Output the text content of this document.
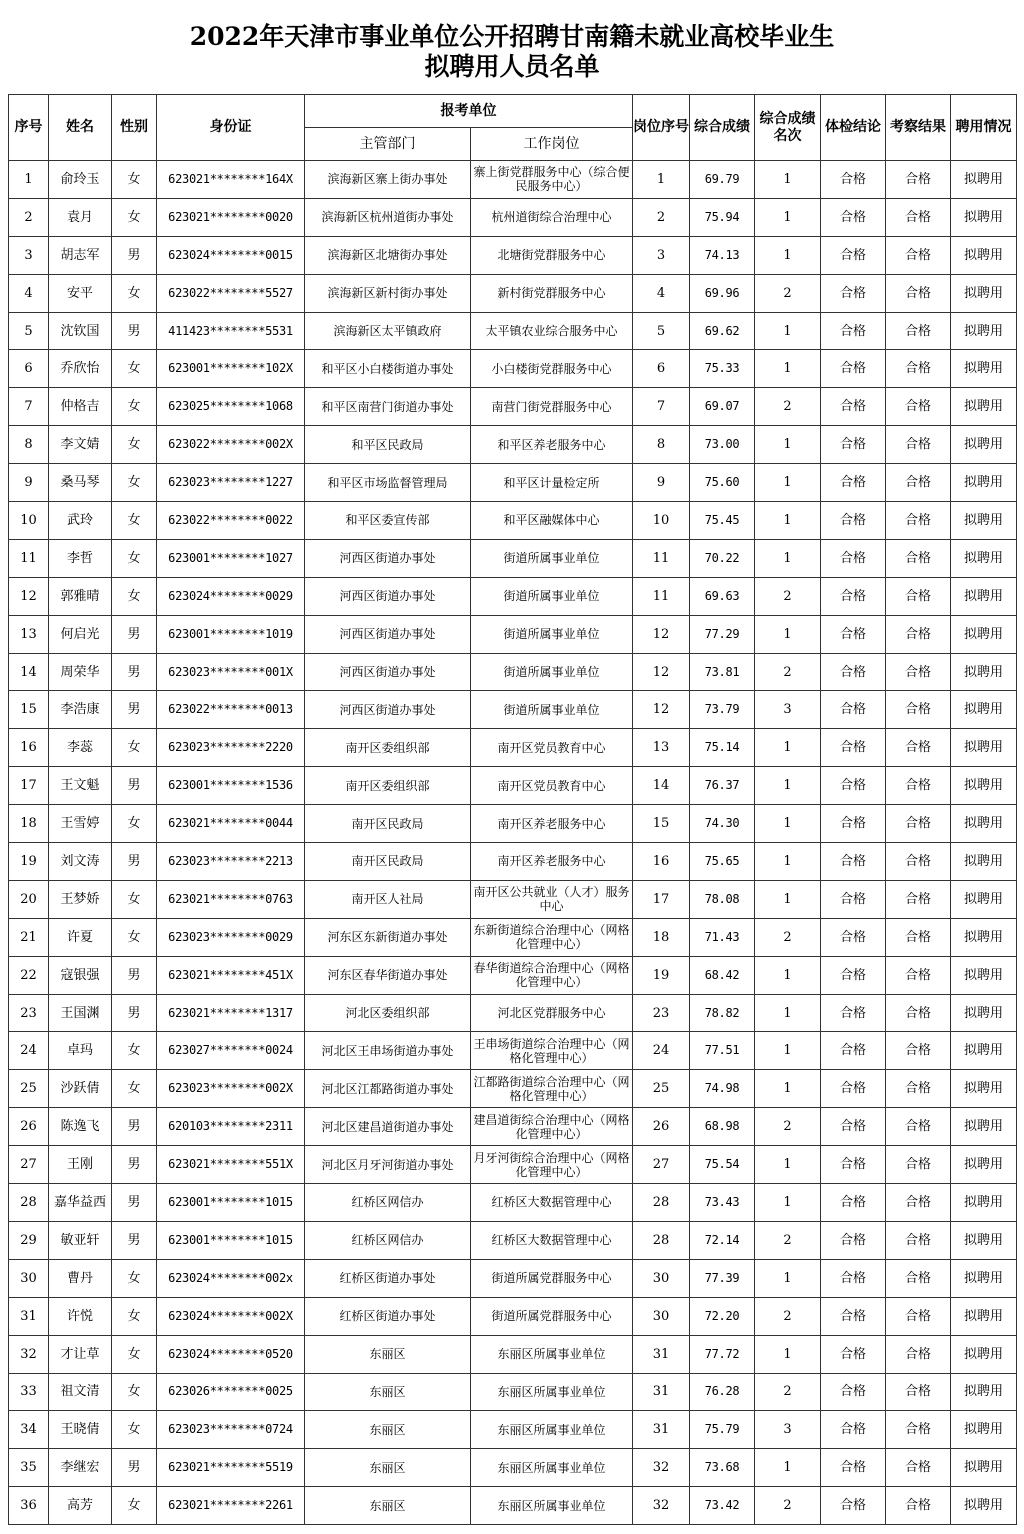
2022年天津市事业单位公开招聘甘南籍未就业高校毕业生
拟聘用人员名单
序号	姓名	性别	身份证	报考单位		岗位序号	综合成绩	综合成绩名次	体检结论	考察结果	聘用情况
				主管部门	工作岗位						
1	俞玲玉	女	623021********164X	滨海新区寨上街办事处	寨上街党群服务中心（综合便民服务中心）	1	69.79	1	合格	合格	拟聘用
2	袁月	女	623021********0020	滨海新区杭州道街办事处	杭州道街综合治理中心	2	75.94	1	合格	合格	拟聘用
3	胡志军	男	623024********0015	滨海新区北塘街办事处	北塘街党群服务中心	3	74.13	1	合格	合格	拟聘用
4	安平	女	623022********5527	滨海新区新村街办事处	新村街党群服务中心	4	69.96	2	合格	合格	拟聘用
5	沈钦国	男	411423********5531	滨海新区太平镇政府	太平镇农业综合服务中心	5	69.62	1	合格	合格	拟聘用
6	乔欣怡	女	623001********102X	和平区小白楼街道办事处	小白楼街党群服务中心	6	75.33	1	合格	合格	拟聘用
7	仲格吉	女	623025********1068	和平区南营门街道办事处	南营门街党群服务中心	7	69.07	2	合格	合格	拟聘用
8	李文婧	女	623022********002X	和平区民政局	和平区养老服务中心	8	73.00	1	合格	合格	拟聘用
9	桑马琴	女	623023********1227	和平区市场监督管理局	和平区计量检定所	9	75.60	1	合格	合格	拟聘用
10	武玲	女	623022********0022	和平区委宣传部	和平区融媒体中心	10	75.45	1	合格	合格	拟聘用
11	李哲	女	623001********1027	河西区街道办事处	街道所属事业单位	11	70.22	1	合格	合格	拟聘用
12	郭雅晴	女	623024********0029	河西区街道办事处	街道所属事业单位	11	69.63	2	合格	合格	拟聘用
13	何启光	男	623001********1019	河西区街道办事处	街道所属事业单位	12	77.29	1	合格	合格	拟聘用
14	周荣华	男	623023********001X	河西区街道办事处	街道所属事业单位	12	73.81	2	合格	合格	拟聘用
15	李浩康	男	623022********0013	河西区街道办事处	街道所属事业单位	12	73.79	3	合格	合格	拟聘用
16	李蕊	女	623023********2220	南开区委组织部	南开区党员教育中心	13	75.14	1	合格	合格	拟聘用
17	王文魁	男	623001********1536	南开区委组织部	南开区党员教育中心	14	76.37	1	合格	合格	拟聘用
18	王雪婷	女	623021********0044	南开区民政局	南开区养老服务中心	15	74.30	1	合格	合格	拟聘用
19	刘文涛	男	623023********2213	南开区民政局	南开区养老服务中心	16	75.65	1	合格	合格	拟聘用
20	王梦娇	女	623021********0763	南开区人社局	南开区公共就业（人才）服务中心	17	78.08	1	合格	合格	拟聘用
21	许夏	女	623023********0029	河东区东新街道办事处	东新街道综合治理中心（网格化管理中心）	18	71.43	2	合格	合格	拟聘用
22	寇银强	男	623021********451X	河东区春华街道办事处	春华街道综合治理中心（网格化管理中心）	19	68.42	1	合格	合格	拟聘用
23	王国渊	男	623021********1317	河北区委组织部	河北区党群服务中心	23	78.82	1	合格	合格	拟聘用
24	卓玛	女	623027********0024	河北区王串场街道办事处	王串场街道综合治理中心（网格化管理中心）	24	77.51	1	合格	合格	拟聘用
25	沙跃倩	女	623023********002X	河北区江都路街道办事处	江都路街道综合治理中心（网格化管理中心）	25	74.98	1	合格	合格	拟聘用
26	陈逸飞	男	620103********2311	河北区建昌道街道办事处	建昌道街综合治理中心（网格化管理中心）	26	68.98	2	合格	合格	拟聘用
27	王刚	男	623021********551X	河北区月牙河街道办事处	月牙河街综合治理中心（网格化管理中心）	27	75.54	1	合格	合格	拟聘用
28	嘉华益西	男	623001********1015	红桥区网信办	红桥区大数据管理中心	28	73.43	1	合格	合格	拟聘用
29	敏亚轩	男	623001********1015	红桥区网信办	红桥区大数据管理中心	28	72.14	2	合格	合格	拟聘用
30	曹丹	女	623024********002x	红桥区街道办事处	街道所属党群服务中心	30	77.39	1	合格	合格	拟聘用
31	许悦	女	623024********002X	红桥区街道办事处	街道所属党群服务中心	30	72.20	2	合格	合格	拟聘用
32	才让草	女	623024********0520	东丽区	东丽区所属事业单位	31	77.72	1	合格	合格	拟聘用
33	祖文清	女	623026********0025	东丽区	东丽区所属事业单位	31	76.28	2	合格	合格	拟聘用
34	王晓倩	女	623023********0724	东丽区	东丽区所属事业单位	31	75.79	3	合格	合格	拟聘用
35	李继宏	男	623021********5519	东丽区	东丽区所属事业单位	32	73.68	1	合格	合格	拟聘用
36	高芳	女	623021********2261	东丽区	东丽区所属事业单位	32	73.42	2	合格	合格	拟聘用
